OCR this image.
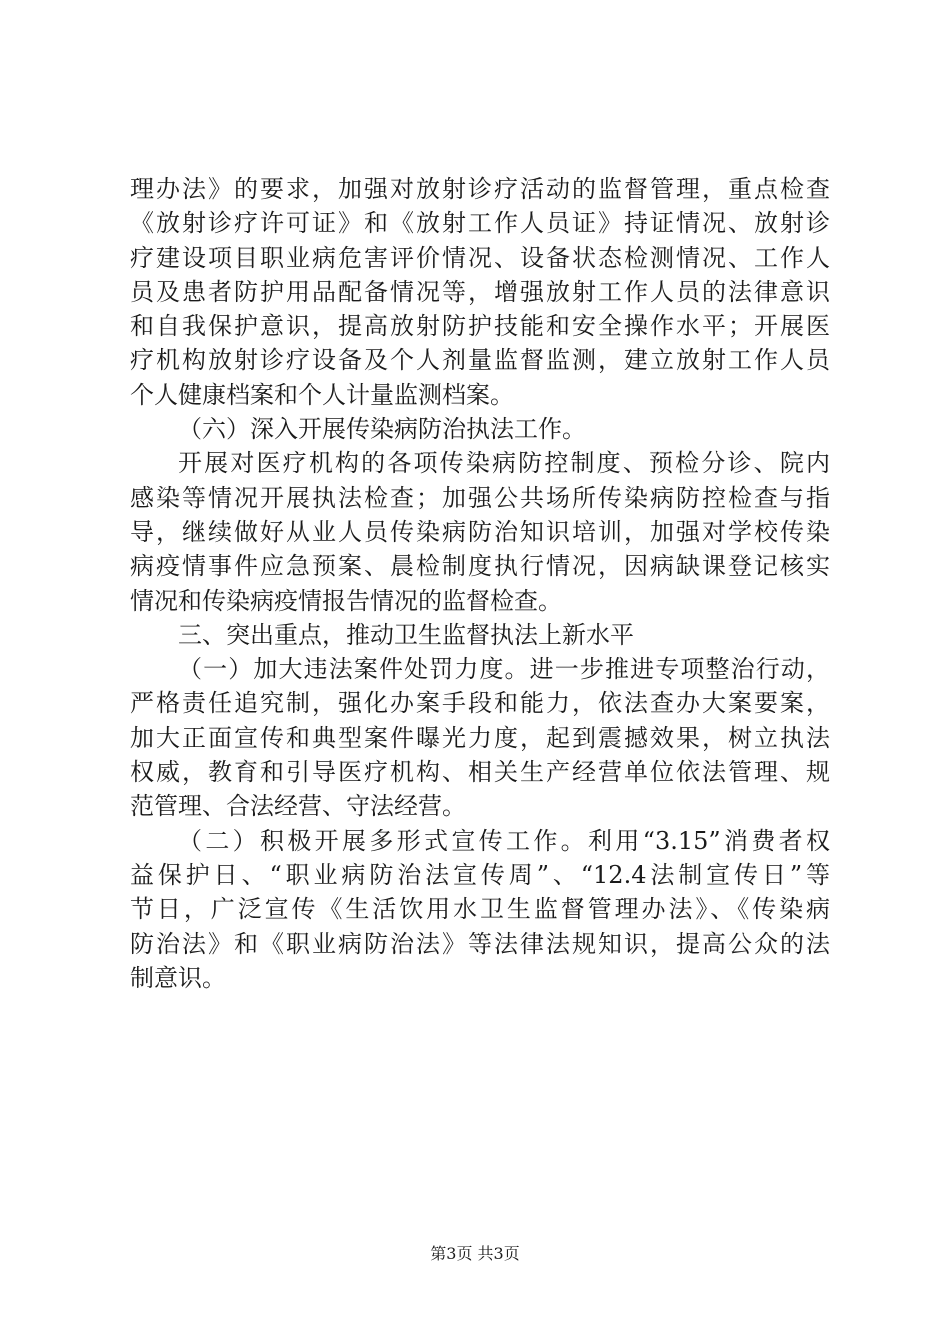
理办法》的要求，加强对放射诊疗活动的监督管理，重点检查
《放射诊疗许可证》和《放射工作人员证》持证情况、放射诊
疗建设项目职业病危害评价情况、设备状态检测情况、工作人
员及患者防护用品配备情况等，增强放射工作人员的法律意识
和自我保护意识，提高放射防护技能和安全操作水平；开展医
疗机构放射诊疗设备及个人剂量监督监测，建立放射工作人员
个人健康档案和个人计量监测档案。
（六）深入开展传染病防治执法工作。
开展对医疗机构的各项传染病防控制度、预检分诊、院内
感染等情况开展执法检查；加强公共场所传染病防控检查与指
导，继续做好从业人员传染病防治知识培训，加强对学校传染
病疫情事件应急预案、晨检制度执行情况，因病缺课登记核实
情况和传染病疫情报告情况的监督检查。
三、突出重点，推动卫生监督执法上新水平
（一）加大违法案件处罚力度。进一步推进专项整治行动，
严格责任追究制，强化办案手段和能力，依法查办大案要案，
加大正面宣传和典型案件曝光力度，起到震撼效果，树立执法
权威，教育和引导医疗机构、相关生产经营单位依法管理、规
范管理、合法经营、守法经营。
（二）积极开展多形式宣传工作。利用“3.15”消费者权
益保护日、“职业病防治法宣传周”、“12.4法制宣传日”等
节日，广泛宣传《生活饮用水卫生监督管理办法》、《传染病
防治法》和《职业病防治法》等法律法规知识，提高公众的法
制意识。
第3页 共3页
